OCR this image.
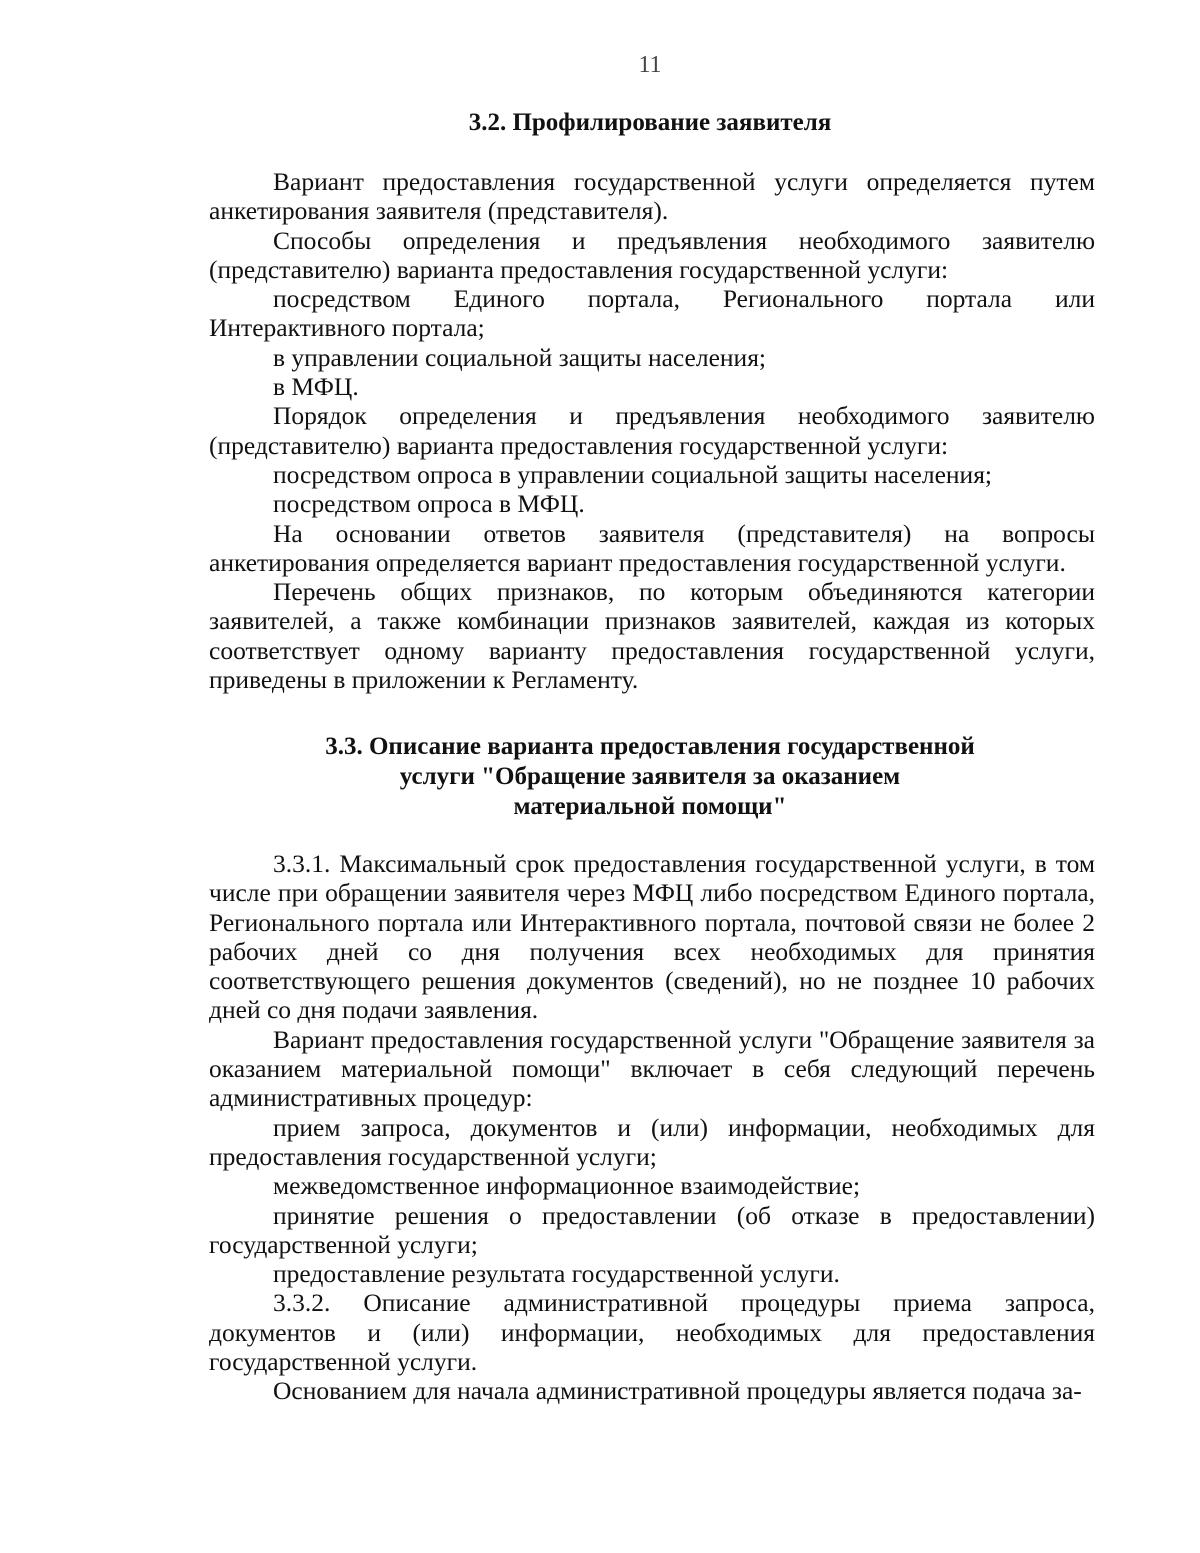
11
3.2. Профилирование заявителя

Вариант предоставления государственной услуги определяется путем анкетирования заявителя (представителя).

Способы определения и предъявления необходимого заявителю (представителю) варианта предоставления государственной услуги:

посредством Единого портала, Регионального портала или Интерактивного портала;

в управлении социальной защиты населения;

в МФЦ.

Порядок определения и предъявления необходимого заявителю (представителю) варианта предоставления государственной услуги:

посредством опроса в управлении социальной защиты населения;

посредством опроса в МФЦ.

На основании ответов заявителя (представителя) на вопросы анкетирования определяется вариант предоставления государственной услуги.

Перечень общих признаков, по которым объединяются категории заявителей, а также комбинации признаков заявителей, каждая из которых соответствует одному варианту предоставления государственной услуги, приведены в приложении к Регламенту.

3.3. Описание варианта предоставления государственной
услуги "Обращение заявителя за оказанием
материальной помощи"

3.3.1. Максимальный срок предоставления государственной услуги, в том числе при обращении заявителя через МФЦ либо посредством Единого портала, Регионального портала или Интерактивного портала, почтовой связи не более 2 рабочих дней со дня получения всех необходимых для принятия соответствующего решения документов (сведений), но не позднее 10 рабочих дней со дня подачи заявления.

Вариант предоставления государственной услуги "Обращение заявителя за оказанием материальной помощи" включает в себя следующий перечень административных процедур:

прием запроса, документов и (или) информации, необходимых для предоставления государственной услуги;

межведомственное информационное взаимодействие;

принятие решения о предоставлении (об отказе в предоставлении) государственной услуги;

предоставление результата государственной услуги.

3.3.2. Описание административной процедуры приема запроса, документов и (или) информации, необходимых для предоставления государственной услуги.

Основанием для начала административной процедуры является подача за-
